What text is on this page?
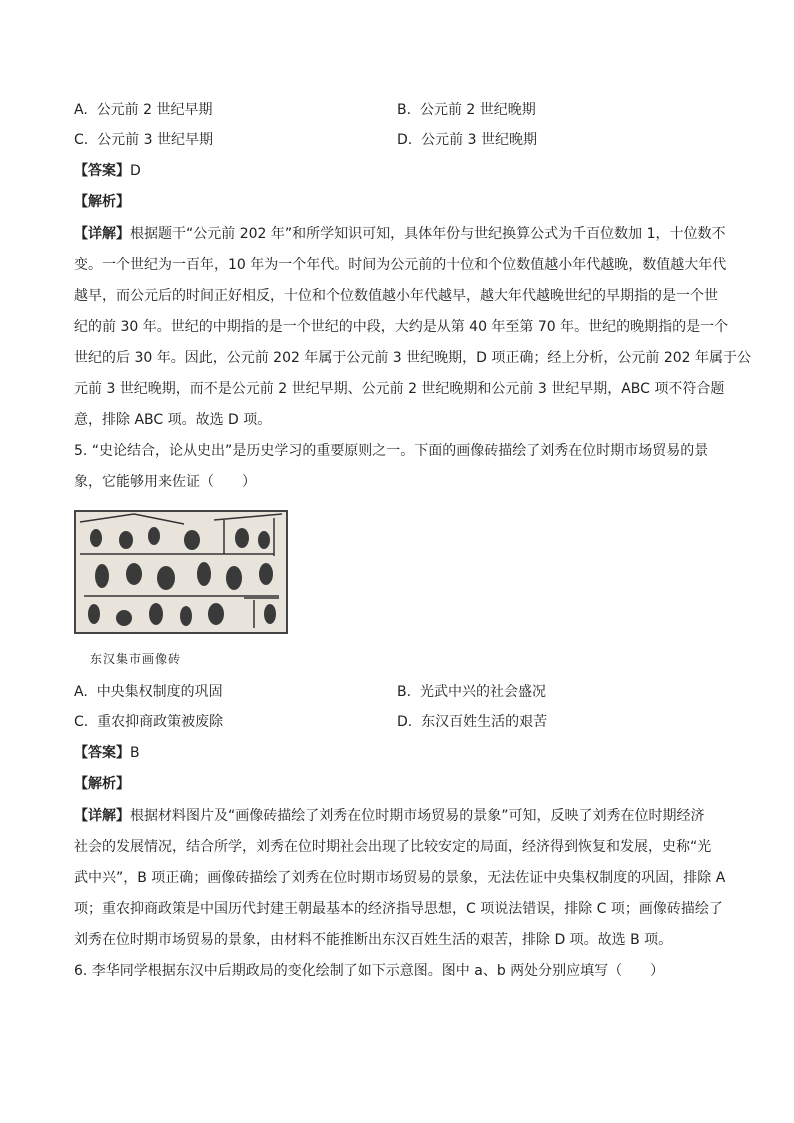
A. 公元前 2 世纪早期	B. 公元前 2 世纪晚期
C. 公元前 3 世纪早期	D. 公元前 3 世纪晚期
【答案】D
【解析】
【详解】根据题干“公元前 202 年”和所学知识可知，具体年份与世纪换算公式为千百位数加 1，十位数不
变。一个世纪为一百年，10 年为一个年代。时间为公元前的十位和个位数值越小年代越晚，数值越大年代
越早，而公元后的时间正好相反，十位和个位数值越小年代越早，越大年代越晚世纪的早期指的是一个世
纪的前 30 年。世纪的中期指的是一个世纪的中段，大约是从第 40 年至第 70 年。世纪的晚期指的是一个
世纪的后 30 年。因此，公元前 202 年属于公元前 3 世纪晚期，D 项正确；经上分析，公元前 202 年属于公
元前 3 世纪晚期，而不是公元前 2 世纪早期、公元前 2 世纪晚期和公元前 3 世纪早期，ABC 项不符合题
意，排除 ABC 项。故选 D 项。
5. “史论结合，论从史出”是历史学习的重要原则之一。下面的画像砖描绘了刘秀在位时期市场贸易的景
象，它能够用来佐证（　　）
东汉集市画像砖
A. 中央集权制度的巩固	B. 光武中兴的社会盛况
C. 重农抑商政策被废除	D. 东汉百姓生活的艰苦
【答案】B
【解析】
【详解】根据材料图片及“画像砖描绘了刘秀在位时期市场贸易的景象”可知，反映了刘秀在位时期经济
社会的发展情况，结合所学，刘秀在位时期社会出现了比较安定的局面，经济得到恢复和发展，史称“光
武中兴”，B 项正确；画像砖描绘了刘秀在位时期市场贸易的景象，无法佐证中央集权制度的巩固，排除 A
项；重农抑商政策是中国历代封建王朝最基本的经济指导思想，C 项说法错误，排除 C 项；画像砖描绘了
刘秀在位时期市场贸易的景象，由材料不能推断出东汉百姓生活的艰苦，排除 D 项。故选 B 项。
6. 李华同学根据东汉中后期政局的变化绘制了如下示意图。图中 a、b 两处分别应填写（　　）
